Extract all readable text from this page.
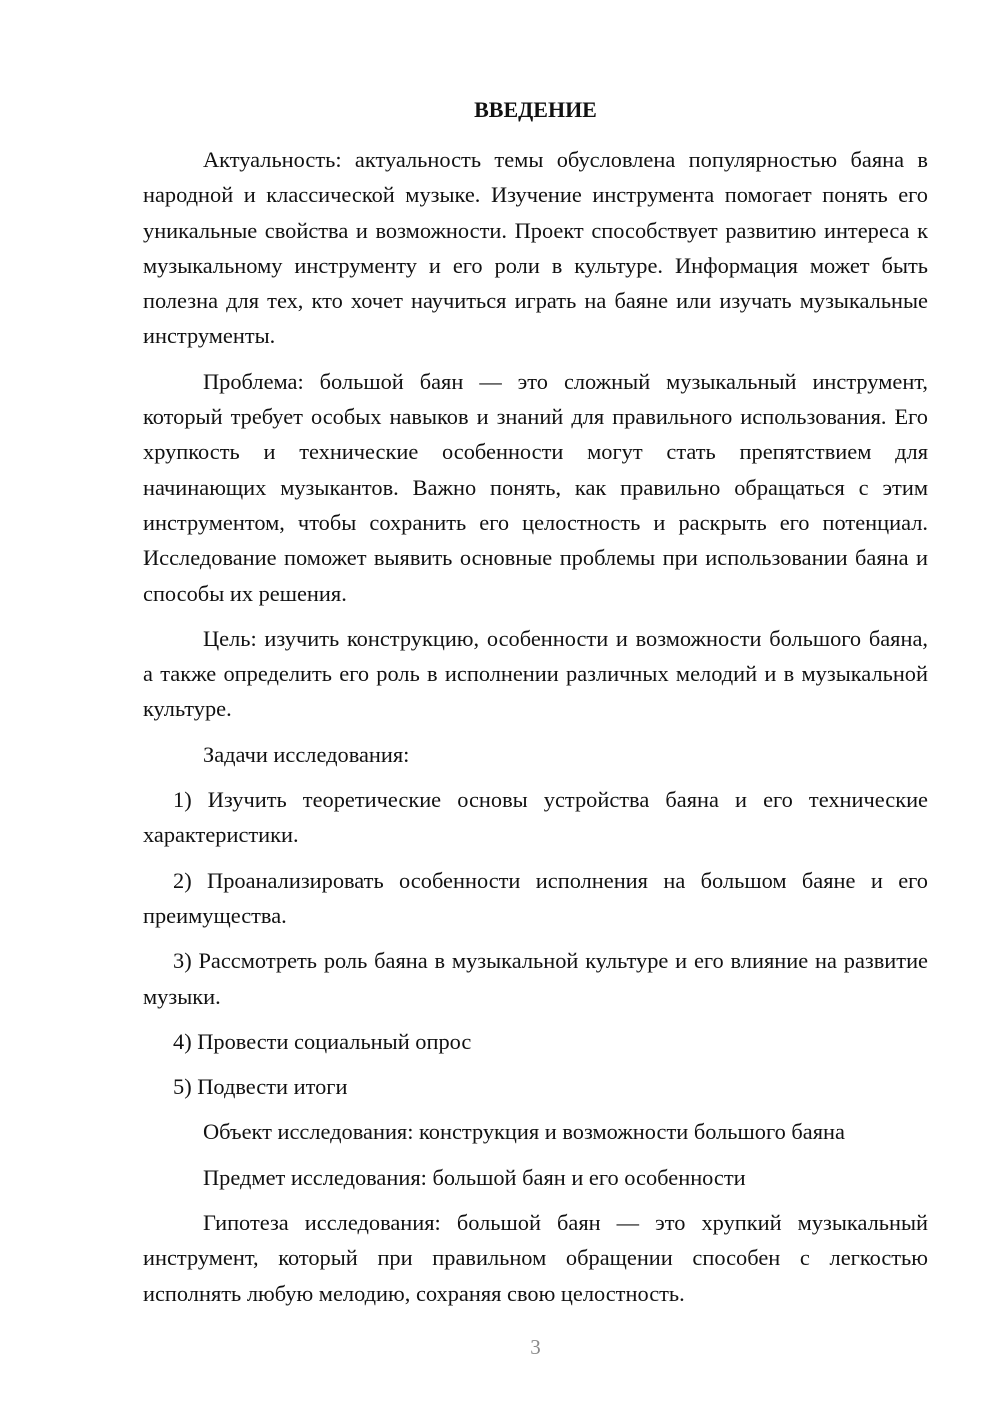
ВВЕДЕНИЕ

Актуальность: актуальность темы обусловлена популярностью баяна в народной и классической музыке. Изучение инструмента помогает понять его уникальные свойства и возможности. Проект способствует развитию интереса к музыкальному инструменту и его роли в культуре. Информация может быть полезна для тех, кто хочет научиться играть на баяне или изучать музыкальные инструменты.

Проблема: большой баян — это сложный музыкальный инструмент, который требует особых навыков и знаний для правильного использования. Его хрупкость и технические особенности могут стать препятствием для начинающих музыкантов. Важно понять, как правильно обращаться с этим инструментом, чтобы сохранить его целостность и раскрыть его потенциал. Исследование поможет выявить основные проблемы при использовании баяна и способы их решения.

Цель: изучить конструкцию, особенности и возможности большого баяна, а также определить его роль в исполнении различных мелодий и в музыкальной культуре.

Задачи исследования:

1) Изучить теоретические основы устройства баяна и его технические характеристики.

2) Проанализировать особенности исполнения на большом баяне и его преимущества.

3) Рассмотреть роль баяна в музыкальной культуре и его влияние на развитие музыки.

4) Провести социальный опрос

5) Подвести итоги

Объект исследования: конструкция и возможности большого баяна

Предмет исследования: большой баян и его особенности

Гипотеза исследования: большой баян — это хрупкий музыкальный инструмент, который при правильном обращении способен с легкостью исполнять любую мелодию, сохраняя свою целостность.

3
